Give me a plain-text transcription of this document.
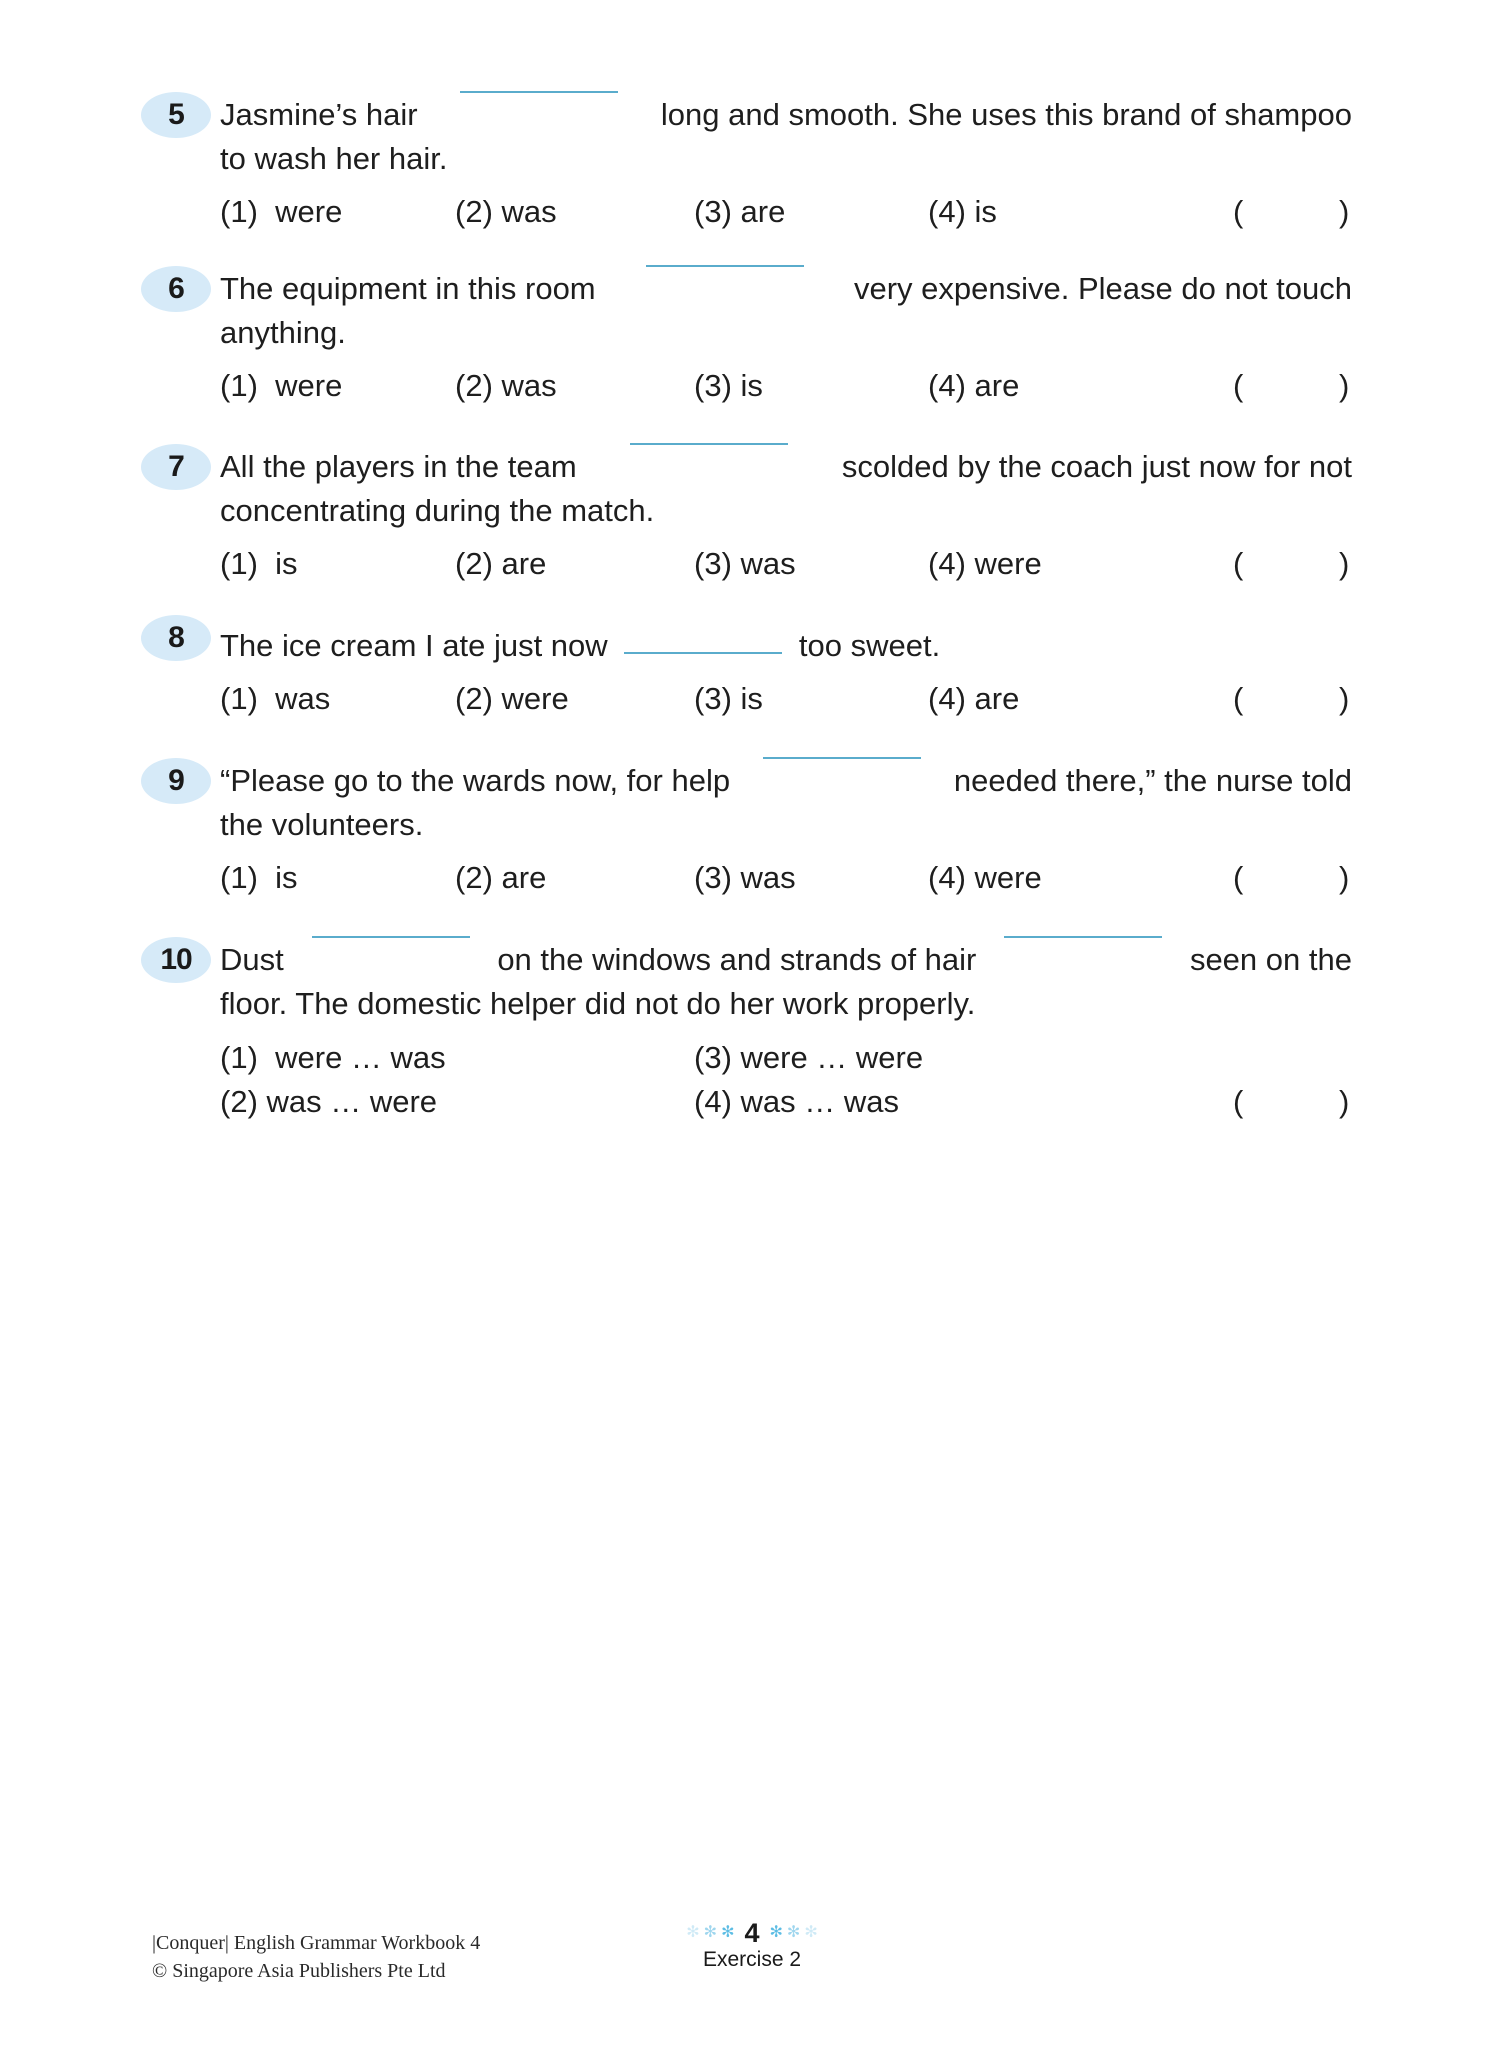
5 Jasmine’s hair	long and smooth. She uses this brand of shampoo
to wash her hair.
(1)  were	(2) was	(3) are	(4) is	(	)
6 The equipment in this room	very expensive. Please do not touch
anything.
(1)  were	(2) was	(3) is	(4) are	(	)
7 All the players in the team	scolded by the coach just now for not
concentrating during the match.
(1)  is	(2) are	(3) was	(4) were	(	)
8 The ice cream I ate just now	too sweet.
(1)  was	(2) were	(3) is	(4) are	(	)
9 “Please go to the wards now, for help	needed there,” the nurse told
the volunteers.
(1)  is	(2) are	(3) was	(4) were	(	)
10 Dust	on the windows and strands of hair	seen on the
floor. The domestic helper did not do her work properly.
(1)  were … was
(2) was … were
(3) were … were
(4) was … was	(	)
|Conquer| English Grammar Workbook 4
© Singapore Asia Publishers Pte Ltd
✻ ✻ ✻ 4 ✻ ✻ ✻
Exercise 2
